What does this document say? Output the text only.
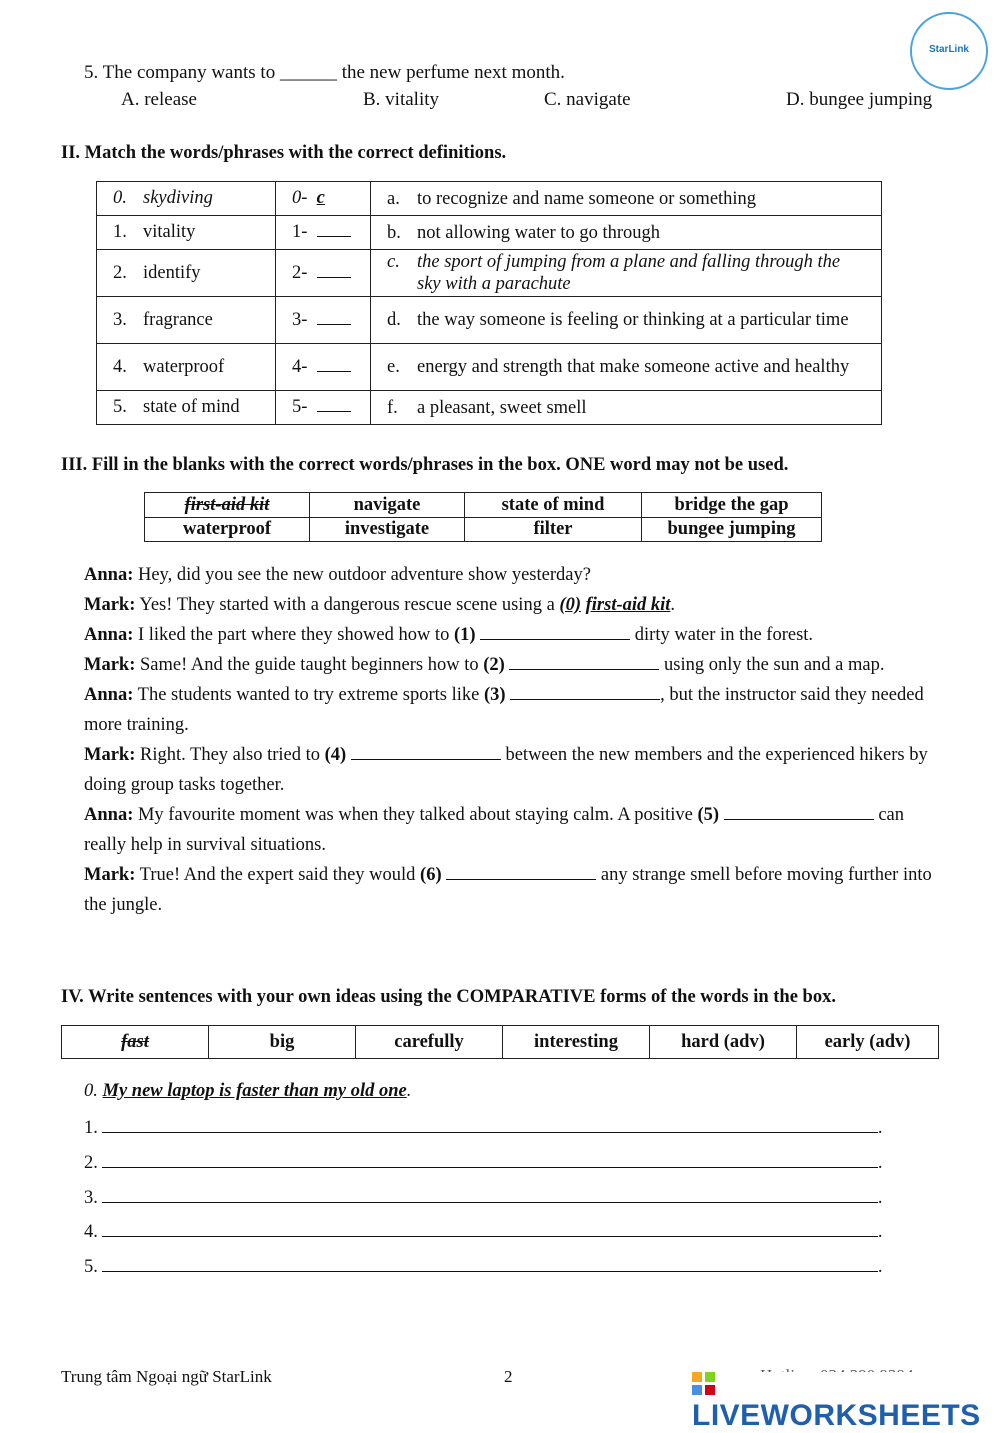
StarLink
5. The company wants to ______ the new perfume next month.
A. release	B. vitality	C. navigate	D. bungee jumping
II. Match the words/phrases with the correct definitions.
0. skydiving	0- c	a. to recognize and name someone or something
1. vitality	1-	b. not allowing water to go through
2. identify	2-	c. the sport of jumping from a plane and falling through the sky with a parachute
3. fragrance	3-	d. the way someone is feeling or thinking at a particular time
4. waterproof	4-	e. energy and strength that make someone active and healthy
5. state of mind	5-	f. a pleasant, sweet smell
III. Fill in the blanks with the correct words/phrases in the box. ONE word may not be used.
first-aid kit	navigate	state of mind	bridge the gap
waterproof	investigate	filter	bungee jumping
Anna: Hey, did you see the new outdoor adventure show yesterday?
Mark: Yes! They started with a dangerous rescue scene using a (0) first-aid kit.
Anna: I liked the part where they showed how to (1)	dirty water in the forest.
Mark: Same! And the guide taught beginners how to (2)	using only the sun and a map.
Anna: The students wanted to try extreme sports like (3)	, but the instructor said they needed more training.
Mark: Right. They also tried to (4)	between the new members and the experienced hikers by doing group tasks together.
Anna: My favourite moment was when they talked about staying calm. A positive (5)	can really help in survival situations.
Mark: True! And the expert said they would (6)	any strange smell before moving further into the jungle.
IV. Write sentences with your own ideas using the COMPARATIVE forms of the words in the box.
fast	big	carefully	interesting	hard (adv)	early (adv)
0. My new laptop is faster than my old one.
1.	.
2.	.
3.	.
4.	.
5.	.
Trung tâm Ngoại ngữ StarLink	2
LIVEWORKSHEETS
